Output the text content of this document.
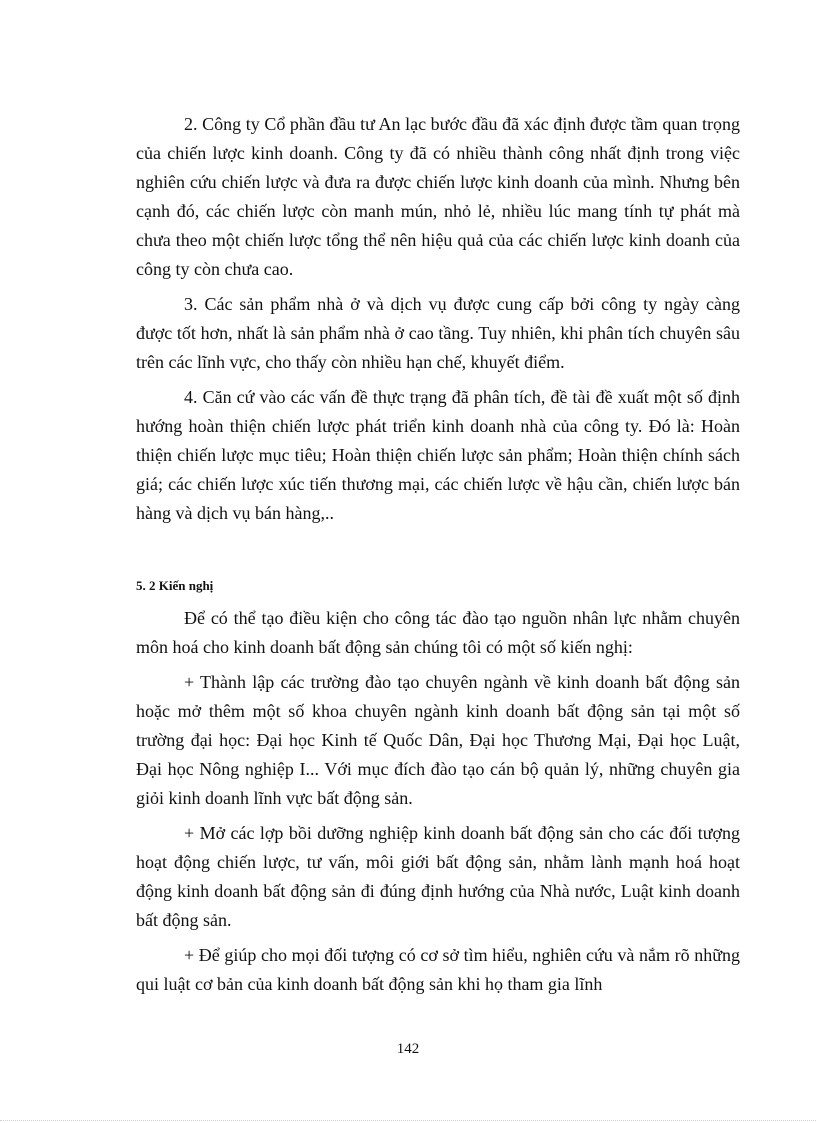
2. Công ty Cổ phần đầu tư An lạc bước đầu đã xác định được tầm quan trọng của chiến lược kinh doanh. Công ty đã có nhiều thành công nhất định trong việc nghiên cứu chiến lược và đưa ra được chiến lược kinh doanh của mình. Nhưng bên cạnh đó, các chiến lược còn manh mún, nhỏ lẻ, nhiều lúc mang tính tự phát mà chưa theo một chiến lược tổng thể nên hiệu quả của các chiến lược kinh doanh của công ty còn chưa cao.

3. Các sản phẩm nhà ở và dịch vụ được cung cấp bởi công ty ngày càng được tốt hơn, nhất là sản phẩm nhà ở cao tầng. Tuy nhiên, khi phân tích chuyên sâu trên các lĩnh vực, cho thấy còn nhiều hạn chế, khuyết điểm.

4. Căn cứ vào các vấn đề thực trạng đã phân tích, đề tài đề xuất một số định hướng hoàn thiện chiến lược phát triển kinh doanh nhà của công ty. Đó là: Hoàn thiện chiến lược mục tiêu; Hoàn thiện chiến lược sản phẩm; Hoàn thiện chính sách giá; các chiến lược xúc tiến thương mại, các chiến lược về hậu cần, chiến lược bán hàng và dịch vụ bán hàng,..

5. 2 Kiến nghị

Để có thể tạo điều kiện cho công tác đào tạo nguồn nhân lực nhằm chuyên môn hoá cho kinh doanh bất động sản chúng tôi có một số kiến nghị:

+ Thành lập các trường đào tạo chuyên ngành về kinh doanh bất động sản hoặc mở thêm một số khoa chuyên ngành kinh doanh bất động sản tại một số trường đại học: Đại học Kinh tế Quốc Dân, Đại học Thương Mại, Đại học Luật, Đại học Nông nghiệp I... Với mục đích đào tạo cán bộ quản lý, những chuyên gia giỏi kinh doanh lĩnh vực bất động sản.

+ Mở các lợp bồi dưỡng nghiệp kinh doanh bất động sản cho các đối tượng hoạt động chiến lược, tư vấn, môi giới bất động sản, nhằm lành mạnh hoá hoạt động kinh doanh bất động sản đi đúng định hướng của Nhà nước, Luật kinh doanh bất động sản.

+ Để giúp cho mọi đối tượng có cơ sở tìm hiểu, nghiên cứu và nắm rõ những qui luật cơ bản của kinh doanh bất động sản khi họ tham gia lĩnh

142
